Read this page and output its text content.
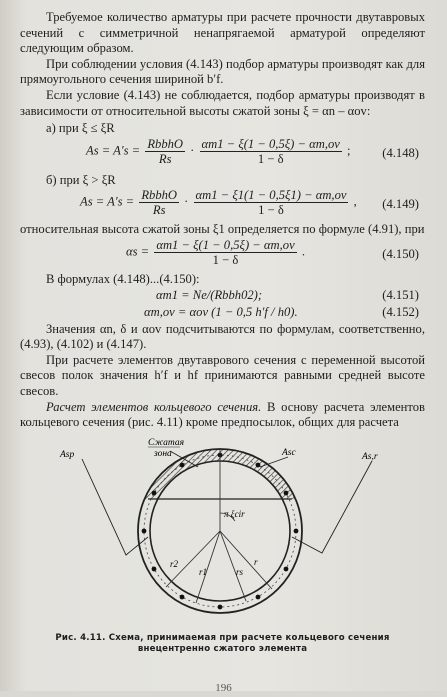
Требуемое количество арматуры при расчете прочности двутавровых сечений с симметричной ненапрягаемой арматурой определяют следующим образом.

При соблюдении условия (4.143) подбор арматуры производят как для прямоугольного сечения шириной b′f.

Если условие (4.143) не соблюдается, подбор арматуры производят в зависимости от относительной высоты сжатой зоны ξ = αn – αov:

а) при ξ ≤ ξR

$As = A's = \frac{\text{RbbhO}}{Rs} \cdot \frac{\alpha m1 - \xi(1 - 0,5\xi) - \alpha m,ov}{1 - \delta}$ ;	(4.148)

б) при ξ > ξR

$As = A's = \frac{\text{RbbhO}}{Rs} \cdot \frac{\alpha m1 - \xi 1(1 - 0,5\xi 1) - \alpha m,ov}{1 - \delta}$ , (4.149)

относительная высота сжатой зоны ξ1 определяется по формуле (4.91), при

$\alpha s = \frac{\alpha m1 - \xi(1 - 0,5\xi) - \alpha m,ov}{1 - \delta}$ .	(4.150)

В формулах (4.148)...(4.150):

αm1 = Ne/(Rbbh02);	(4.151)
αm,ov = αov (1 − 0,5 h′f / h0).	(4.152)

Значения αn, δ и αov подсчитываются по формулам, соответственно, (4.93), (4.102) и (4.147).

При расчете элементов двутаврового сечения с переменной высотой свесов полок значения h′f и hf принимаются равными средней высоте свесов.

Расчет элементов кольцевого сечения. В основу расчета элементов кольцевого сечения (рис. 4.11) кроме предпосылок, общих для расчета

Сжатая
зона	Asc
Asp	As,r
π ξcir
r2
r1	rs
r
Рис. 4.11. Схема, принимаемая при расчете кольцевого сечения внецентренно сжатого элемента
196
